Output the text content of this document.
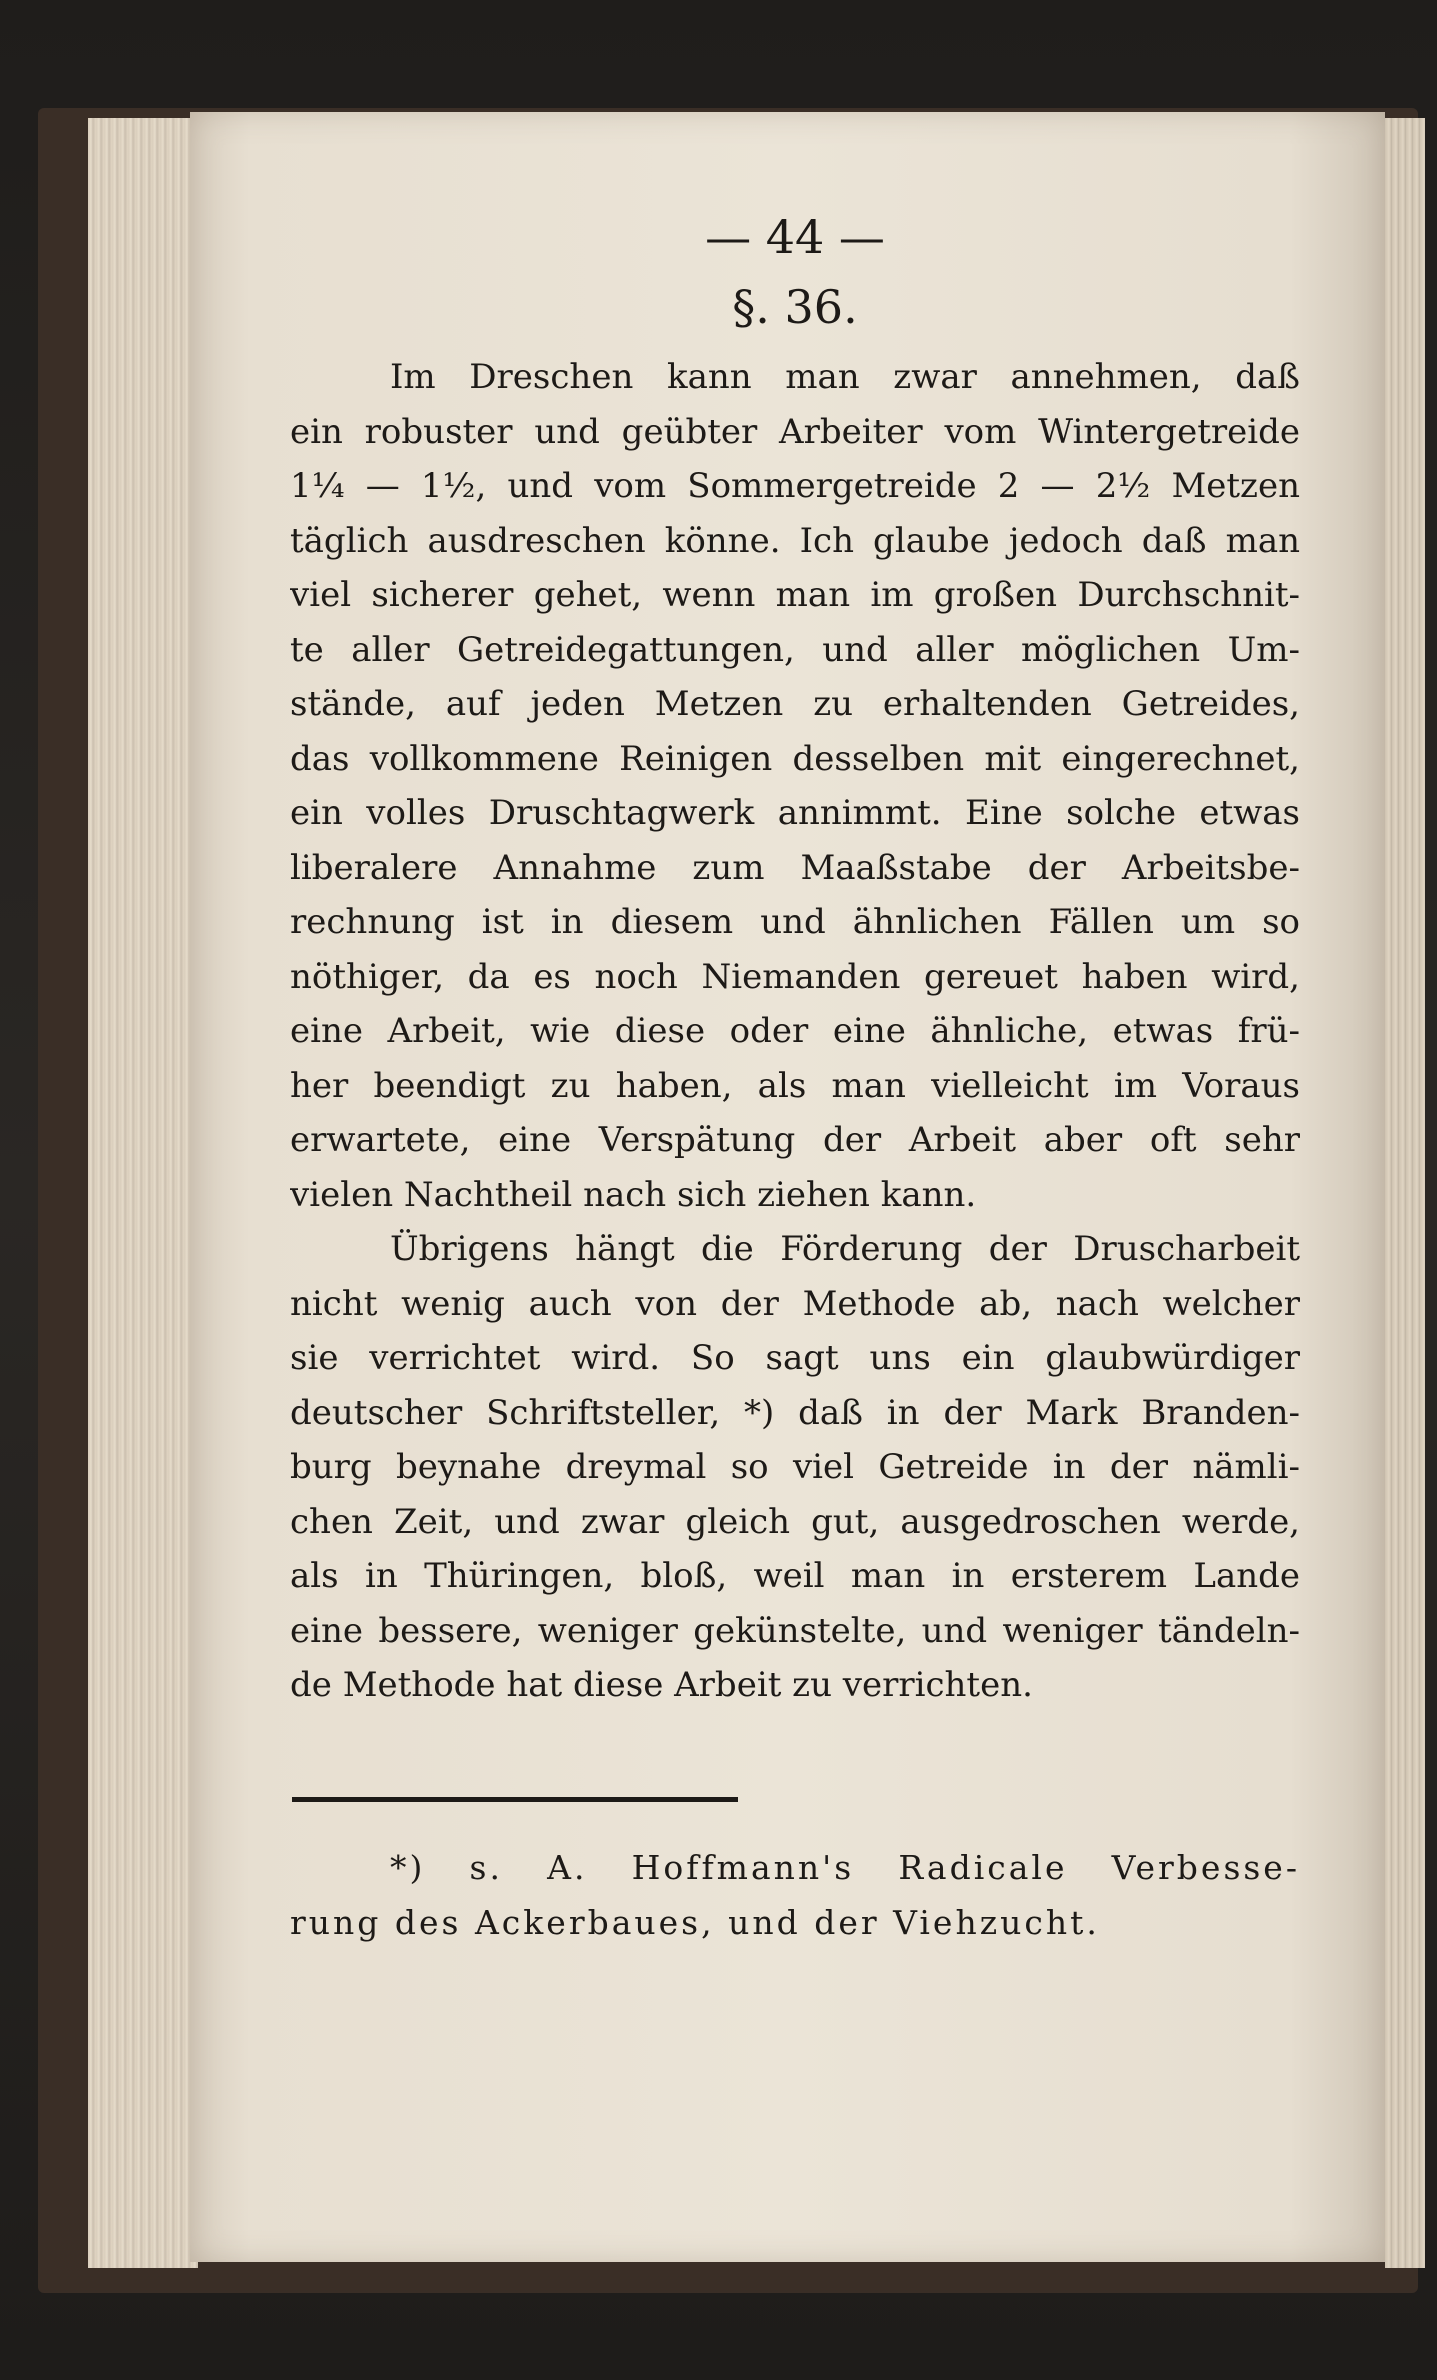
— 44 —

§. 36.

Im Dreschen kann man zwar annehmen, daß
ein robuster und geübter Arbeiter vom Wintergetreide
1¼ — 1½, und vom Sommergetreide 2 — 2½ Metzen
täglich ausdreschen könne. Ich glaube jedoch daß man
viel sicherer gehet, wenn man im großen Durchschnit-
te aller Getreidegattungen, und aller möglichen Um-
stände, auf jeden Metzen zu erhaltenden Getreides,
das vollkommene Reinigen desselben mit eingerechnet,
ein volles Druschtagwerk annimmt. Eine solche etwas
liberalere Annahme zum Maaßstabe der Arbeitsbe-
rechnung ist in diesem und ähnlichen Fällen um so
nöthiger, da es noch Niemanden gereuet haben wird,
eine Arbeit, wie diese oder eine ähnliche, etwas frü-
her beendigt zu haben, als man vielleicht im Voraus
erwartete, eine Verspätung der Arbeit aber oft sehr
vielen Nachtheil nach sich ziehen kann.
Übrigens hängt die Förderung der Druscharbeit
nicht wenig auch von der Methode ab, nach welcher
sie verrichtet wird. So sagt uns ein glaubwürdiger
deutscher Schriftsteller, *) daß in der Mark Branden-
burg beynahe dreymal so viel Getreide in der nämli-
chen Zeit, und zwar gleich gut, ausgedroschen werde,
als in Thüringen, bloß, weil man in ersterem Lande
eine bessere, weniger gekünstelte, und weniger tändeln-
de Methode hat diese Arbeit zu verrichten.
*) s. A. Hoffmann's Radicale Verbesse-
rung des Ackerbaues, und der Viehzucht.
